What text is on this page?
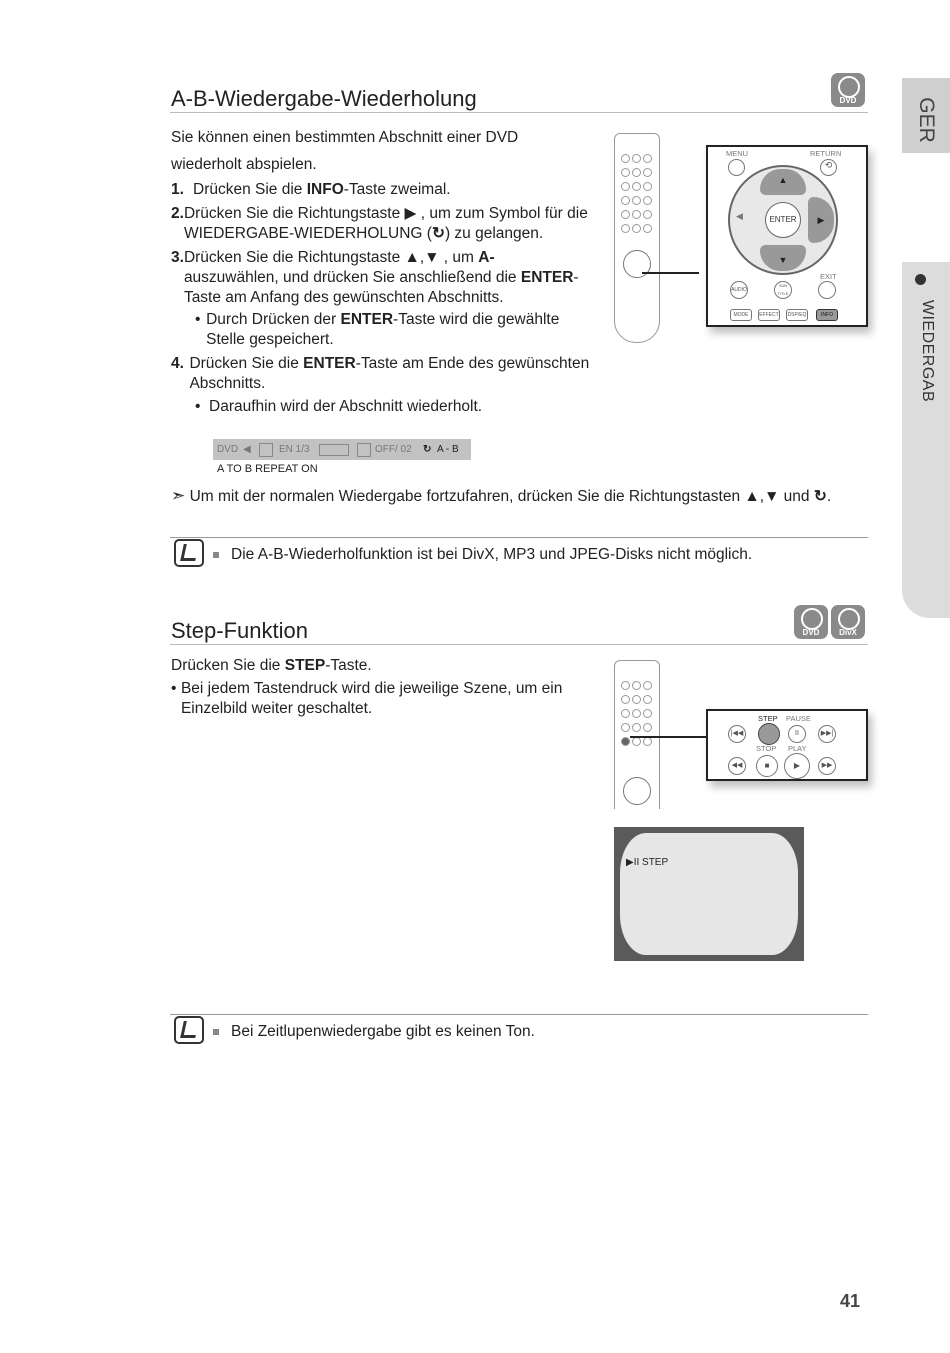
GER
WIEDERGAB
A-B-Wiedergabe-Wiederholung	DVD
Sie können einen bestimmten Abschnitt einer DVD wiederholt abspielen.
1. Drücken Sie die INFO-Taste zweimal.
2. Drücken Sie die Richtungstaste ▶ , um zum Symbol für die WIEDERGABE-WIEDERHOLUNG (↻) zu gelangen.
3. Drücken Sie die Richtungstaste ▲,▼ , um A- auszuwählen, und drücken Sie anschließend die ENTER-Taste am Anfang des gewünschten Abschnitts.
• Durch Drücken der ENTER-Taste wird die gewählte Stelle gespeichert.
4. Drücken Sie die ENTER-Taste am Ende des gewünschten Abschnitts.
• Daraufhin wird der Abschnitt wiederholt.
MENU	RETURN
⟲
▲
▼
▶
◀	ENTER
EXIT
AUDIO
SUB TITLE
MODE	EFFECT	DSP/EQ	INFO
DVD ◀	EN 1/3	OFF/ 02 ↻ A - B
A TO B REPEAT ON
➣ Um mit der normalen Wiedergabe fortzufahren, drücken Sie die Richtungstasten ▲,▼ und ↻.
Die A-B-Wiederholfunktion ist bei DivX, MP3 und JPEG-Disks nicht möglich.
Step-Funktion	DVD	DivX
Drücken Sie die STEP-Taste.
• Bei jedem Tastendruck wird die jeweilige Szene, um ein Einzelbild weiter geschaltet.
STEP PAUSE
|◀◀	II	▶▶|
STOP PLAY
◀◀	■	▶	▶▶
▶II STEP
Bei Zeitlupenwiedergabe gibt es keinen Ton.
41
